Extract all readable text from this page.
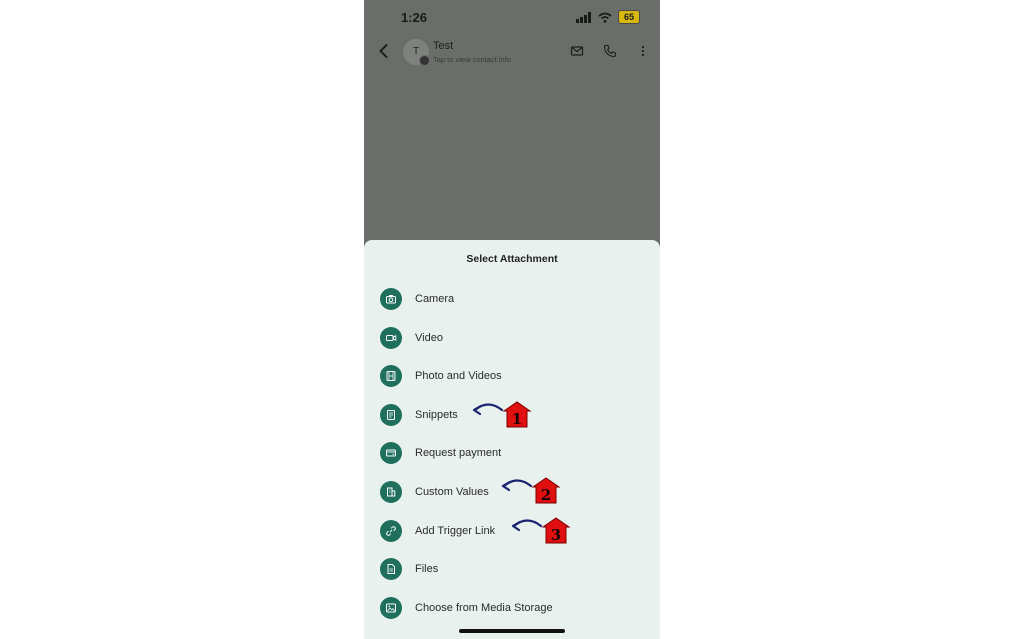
1:26	65
T	Test
Tap to view contact info
Select Attachment
Camera
Video
Photo and Videos
Snippets
Request payment
Custom Values
Add Trigger Link
Files
Choose from Media Storage
1
2
3
